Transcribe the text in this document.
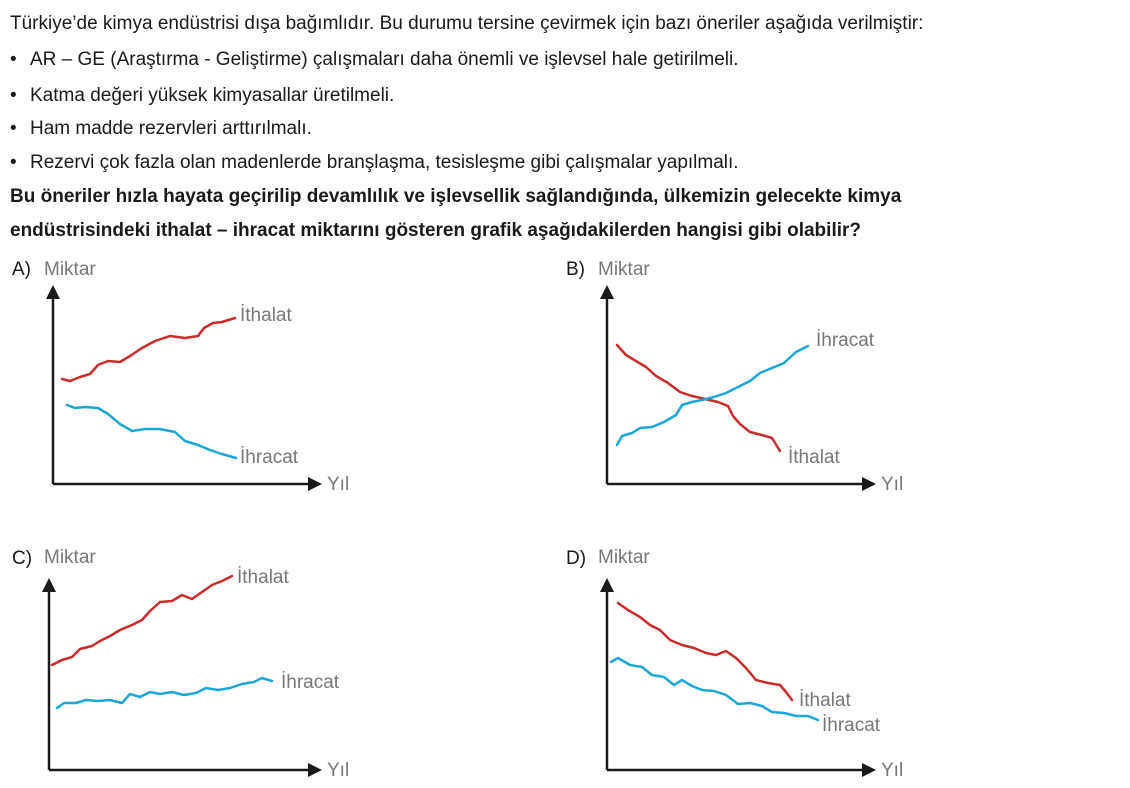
Türkiye’de kimya endüstrisi dışa bağımlıdır. Bu durumu tersine çevirmek için bazı öneriler aşağıda verilmiştir:
• AR – GE (Araştırma - Geliştirme) çalışmaları daha önemli ve işlevsel hale getirilmeli.
• Katma değeri yüksek kimyasallar üretilmeli.
• Ham madde rezervleri arttırılmalı.
• Rezervi çok fazla olan madenlerde branşlaşma, tesisleşme gibi çalışmalar yapılmalı.
Bu öneriler hızla hayata geçirilip devamlılık ve işlevsellik sağlandığında, ülkemizin gelecekte kimya
endüstrisindeki ithalat – ihracat miktarını gösteren grafik aşağıdakilerden hangisi gibi olabilir?
A) Miktar
İthalat
İhracat
Yıl
B) Miktar
İhracat
İthalat
Yıl
C) Miktar
İthalat
İhracat
Yıl
D) Miktar
İthalat
İhracat
Yıl
